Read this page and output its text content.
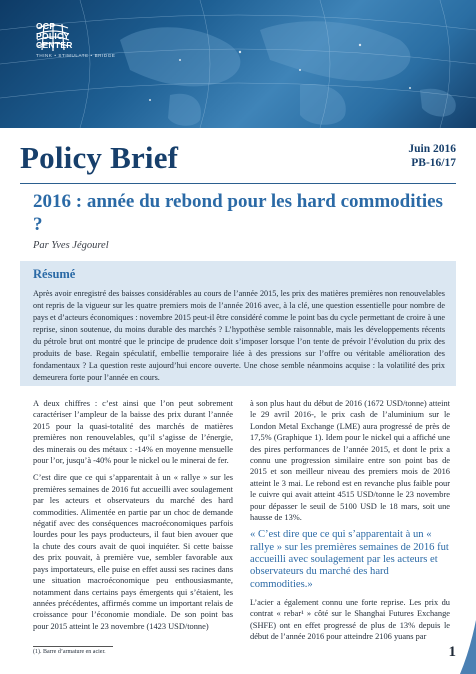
OCP
POLICY
CENTER
THINK • STIMULATE • BRIDGE
Policy Brief	Juin 2016
PB-16/17
2016 : année du rebond pour les hard commodities ?
Par Yves Jégourel
Résumé

Après avoir enregistré des baisses considérables au cours de l’année 2015, les prix des matières premières non renouvelables ont repris de la vigueur sur les quatre premiers mois de l’année 2016 avec, à la clé, une question essentielle pour nombre de pays et d’acteurs économiques : novembre 2015 peut-il être considéré comme le point bas du cycle permettant de croire à une reprise, sinon soutenue, du moins durable des marchés ? L’hypothèse semble raisonnable, mais les développements récents du pétrole brut ont montré que le principe de prudence doit s’imposer lorsque l’on tente de prévoir l’évolution du prix des produits de base. Regain spéculatif, embellie temporaire liée à des pressions sur l’offre ou véritable amélioration des fondamentaux ? La question reste aujourd’hui encore ouverte. Une chose semble néanmoins acquise : la volatilité des prix demeurera forte pour l’année en cours.

A deux chiffres : c’est ainsi que l’on peut sobrement caractériser l’ampleur de la baisse des prix durant l’année 2015 pour la quasi-totalité des marchés de matières premières non renouvelables, qu’il s’agisse de l’énergie, des minerais ou des métaux : -14% en moyenne mensuelle pour l’or, jusqu’à -40% pour le nickel ou le minerai de fer.

C’est dire que ce qui s’apparentait à un « rallye » sur les premières semaines de 2016 fut accueilli avec soulagement par les acteurs et observateurs du marché des hard commodities. Alimentée en partie par un choc de demande négatif avec des conséquences macroéconomiques parfois lourdes pour les pays producteurs, il faut bien avouer que la chute des cours avait de quoi inquiéter. Si cette baisse des prix pouvait, à première vue, sembler favorable aux pays importateurs, elle puise en effet aussi ses racines dans une situation macroéconomique peu enthousiasmante, notamment dans certains pays émergents qui s’étaient, les années précédentes, affirmés comme un important relais de croissance pour l’économie mondiale. De son point bas pour 2015 atteint le 23 novembre (1423 USD/tonne)

à son plus haut du début de 2016 (1672 USD/tonne) atteint le 29 avril 2016-, le prix cash de l’aluminium sur le London Metal Exchange (LME) aura progressé de près de 17,5% (Graphique 1). Idem pour le nickel qui a affiché une des pires performances de l’année 2015, et dont le prix a connu une progression similaire entre son point bas de 2015 et son meilleur niveau des premiers mois de 2016 atteint le 3 mai. Le rebond est en revanche plus faible pour le cuivre qui avait atteint 4515 USD/tonne le 23 novembre pour dépasser le seuil de 5100 USD le 18 mars, soit une hausse de 13%.

« C’est dire que ce qui s’apparentait à un « rallye » sur les premières semaines de 2016 fut accueilli avec soulagement par les acteurs et observateurs du marché des hard commodities.»

L’acier a également connu une forte reprise. Les prix du contrat « rebar¹ » côté sur le Shanghai Futures Exchange (SHFE) ont en effet progressé de plus de 13% depuis le début de l’année 2016 pour atteindre 2106 yuans par

(1). Barre d’armature en acier.	1
